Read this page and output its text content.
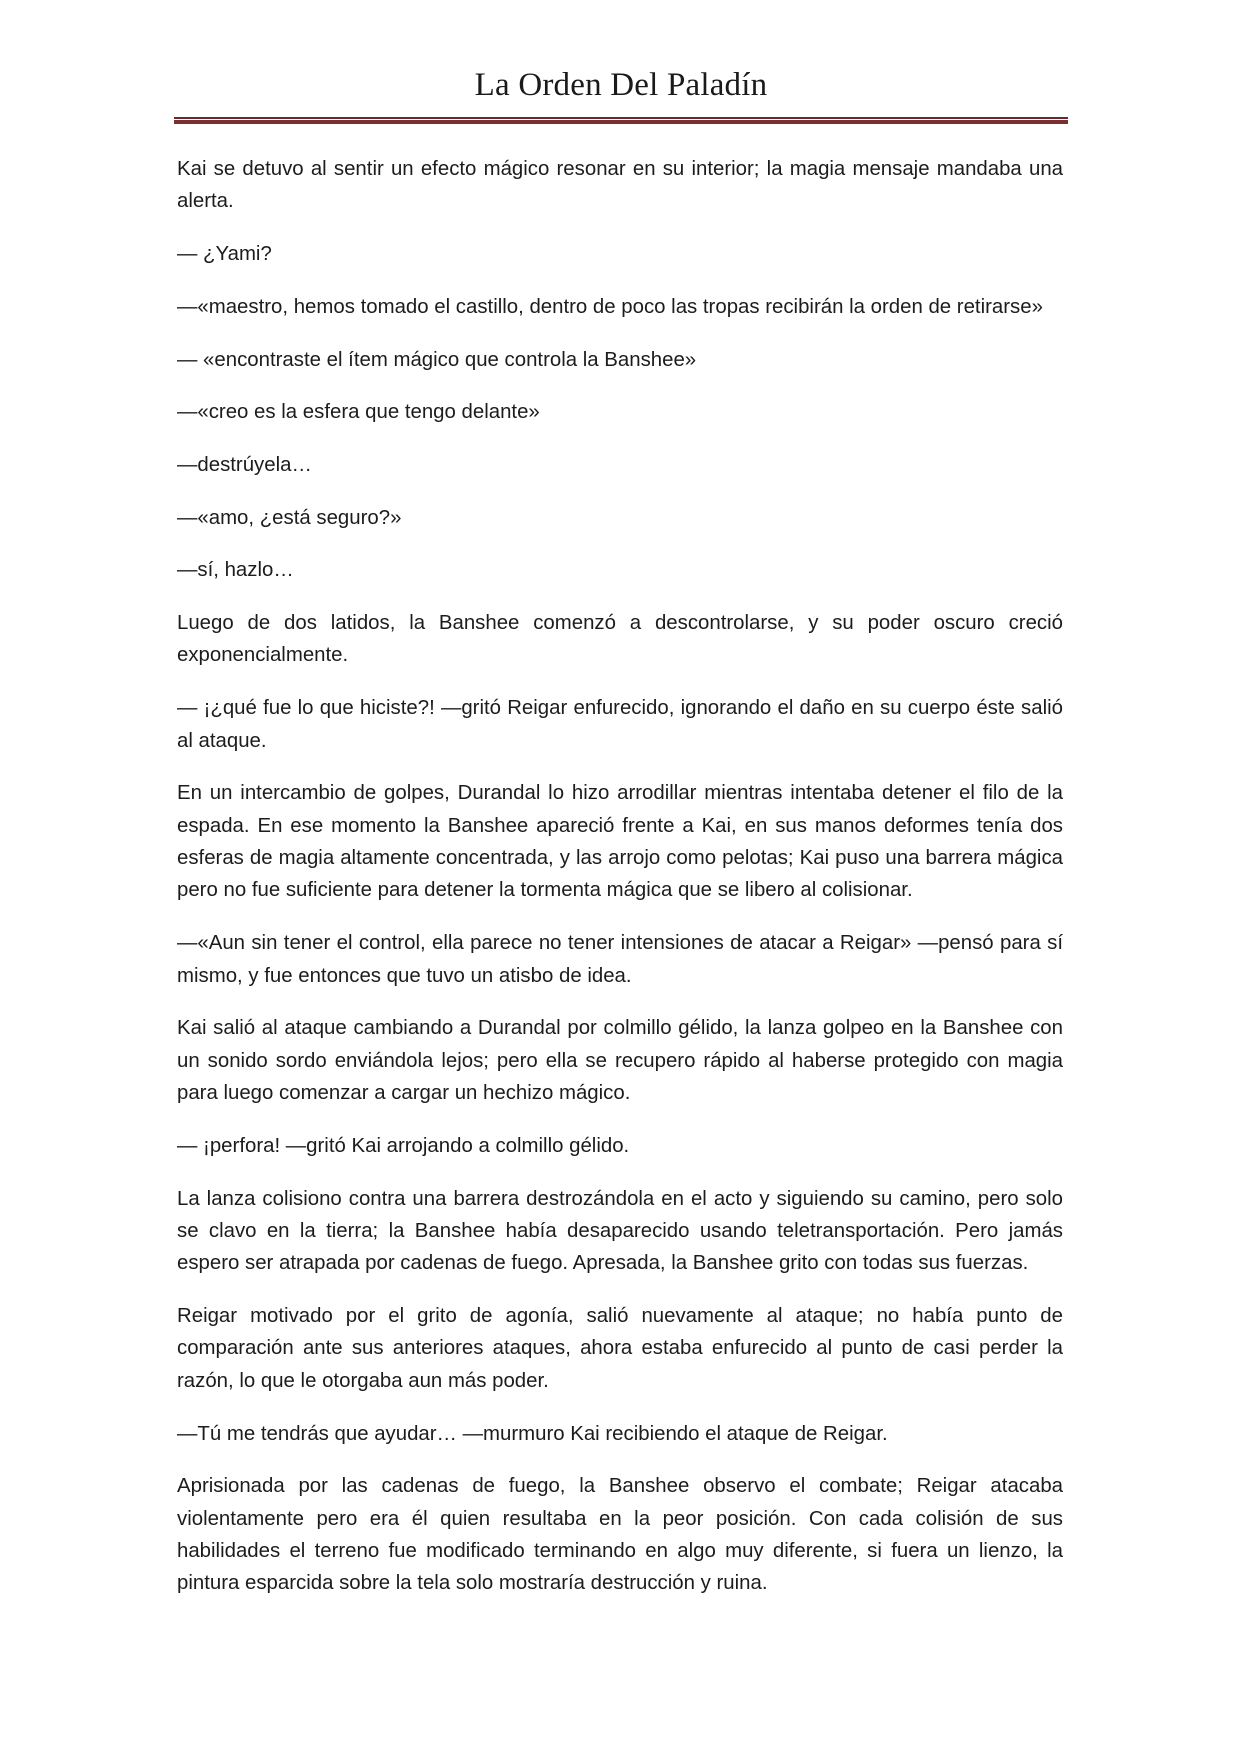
La Orden Del Paladín

Kai se detuvo al sentir un efecto mágico resonar en su interior; la magia mensaje mandaba una alerta.

— ¿Yami?

—«maestro, hemos tomado el castillo, dentro de poco las tropas recibirán la orden de retirarse»

— «encontraste el ítem mágico que controla la Banshee»

—«creo es la esfera que tengo delante»

—destrúyela…

—«amo, ¿está seguro?»

—sí, hazlo…

Luego de dos latidos, la Banshee comenzó a descontrolarse, y su poder oscuro creció exponencialmente.

— ¡¿qué fue lo que hiciste?! —gritó Reigar enfurecido, ignorando el daño en su cuerpo éste salió al ataque.

En un intercambio de golpes, Durandal lo hizo arrodillar mientras intentaba detener el filo de la espada. En ese momento la Banshee apareció frente a Kai, en sus manos deformes tenía dos esferas de magia altamente concentrada, y las arrojo como pelotas; Kai puso una barrera mágica pero no fue suficiente para detener la tormenta mágica que se libero al colisionar.

—«Aun sin tener el control, ella parece no tener intensiones de atacar a Reigar» —pensó para sí mismo, y fue entonces que tuvo un atisbo de idea.

Kai salió al ataque cambiando a Durandal por colmillo gélido, la lanza golpeo en la Banshee con un sonido sordo enviándola lejos; pero ella se recupero rápido al haberse protegido con magia para luego comenzar a cargar un hechizo mágico.

— ¡perfora! —gritó Kai arrojando a colmillo gélido.

La lanza colisiono contra una barrera destrozándola en el acto y siguiendo su camino, pero solo se clavo en la tierra; la Banshee había desaparecido usando teletransportación. Pero jamás espero ser atrapada por cadenas de fuego. Apresada, la Banshee grito con todas sus fuerzas.

Reigar motivado por el grito de agonía, salió nuevamente al ataque; no había punto de comparación ante sus anteriores ataques, ahora estaba enfurecido al punto de casi perder la razón, lo que le otorgaba aun más poder.

—Tú me tendrás que ayudar… —murmuro Kai recibiendo el ataque de Reigar.

Aprisionada por las cadenas de fuego, la Banshee observo el combate; Reigar atacaba violentamente pero era él quien resultaba en la peor posición. Con cada colisión de sus habilidades el terreno fue modificado terminando en algo muy diferente, si fuera un lienzo, la pintura esparcida sobre la tela solo mostraría destrucción y ruina.
